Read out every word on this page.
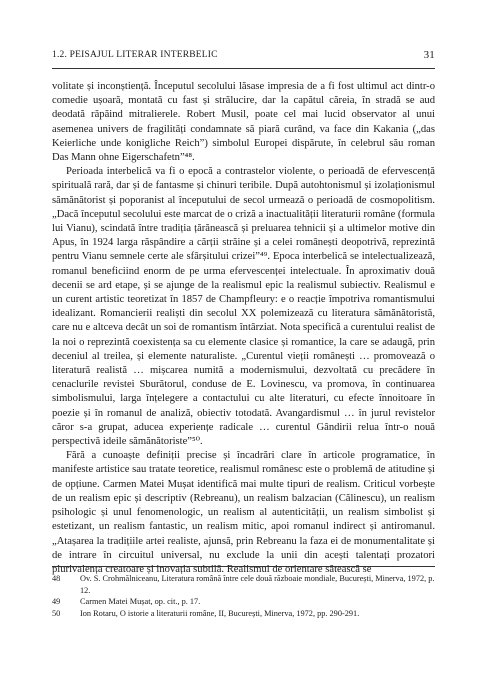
1.2. PEISAJUL LITERAR INTERBELIC	31

volitate și inconștiență. Începutul secolului lăsase impresia de a fi fost ultimul act dintr-o comedie ușoară, montată cu fast și strălucire, dar la capătul căreia, în stradă se aud deodată răpăind mitralierele. Robert Musil, poate cel mai lucid observator al unui asemenea univers de fragilități condamnate să piară curând, va face din Kakania („das Keierliche unde konigliche Reich”) simbolul Europei dispărute, în celebrul său roman Das Mann ohne Eigerschafetn”⁴⁸.

Perioada interbelică va fi o epocă a contrastelor violente, o perioadă de efervescență spirituală rară, dar și de fantasme și chinuri teribile. După autohtonismul și izolaționismul sămănătorist și poporanist al începutului de secol urmează o perioadă de cosmopolitism. „Dacă începutul secolului este marcat de o criză a inactualității literaturii române (formula lui Vianu), scindată între tradiția țărănească și preluarea tehnicii și a ultimelor motive din Apus, în 1924 larga răspândire a cărții străine și a celei românești deopotrivă, reprezintă pentru Vianu semnele certe ale sfârșitului crizei”⁴⁹. Epoca interbelică se intelectualizează, romanul beneficiind enorm de pe urma efervescenței intelectuale. În aproximativ două decenii se ard etape, și se ajunge de la realismul epic la realismul subiectiv. Realismul e un curent artistic teoretizat în 1857 de Champfleury: e o reacție împotriva romantismului idealizant. Romancierii realiști din secolul XX polemizează cu literatura sămănătoristă, care nu e altceva decât un soi de romantism întârziat. Nota specifică a curentului realist de la noi o reprezintă coexistența sa cu elemente clasice și romantice, la care se adaugă, prin deceniul al treilea, și elemente naturaliste. „Curentul vieții românești … promovează o literatură realistă … mișcarea numită a modernismului, dezvoltată cu precădere în cenaclurile revistei Sburătorul, conduse de E. Lovinescu, va promova, în continuarea simbolismului, larga înțelegere a contactului cu alte literaturi, cu efecte înnoitoare în poezie și în romanul de analiză, obiectiv totodată. Avangardismul … în jurul revistelor căror s-a grupat, aducea experiențe radicale … curentul Gândirii relua într-o nouă perspectivă ideile sămănătoriste”⁵⁰.

Fără a cunoaște definiții precise și încadrări clare în articole programatice, în manifeste artistice sau tratate teoretice, realismul românesc este o problemă de atitudine și de opțiune. Carmen Matei Mușat identifică mai multe tipuri de realism. Criticul vorbește de un realism epic și descriptiv (Rebreanu), un realism balzacian (Călinescu), un realism psihologic și unul fenomenologic, un realism al autenticității, un realism simbolist și estetizant, un realism fantastic, un realism mitic, apoi romanul indirect și antiromanul. „Atașarea la tradițiile artei realiste, ajunsă, prin Rebreanu la faza ei de monumentalitate și de intrare în circuitul universal, nu exclude la unii din acești talentați prozatori plurivalența creatoare și inovația subtilă. Realismul de orientare sătească se

48	Ov. S. Crohmălniceanu, Literatura română între cele două războaie mondiale, București, Minerva, 1972, p. 12.
49	Carmen Matei Mușat, op. cit., p. 17.
50	Ion Rotaru, O istorie a literaturii române, II, București, Minerva, 1972, pp. 290-291.
